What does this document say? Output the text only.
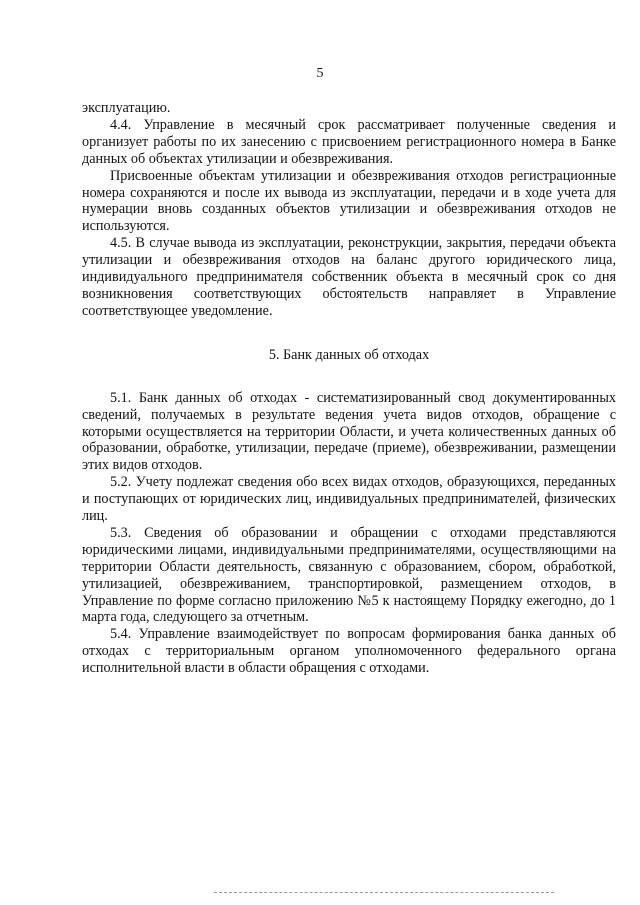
5

эксплуатацию.

4.4. Управление в месячный срок рассматривает полученные сведения и организует работы по их занесению с присвоением регистрационного номера в Банке данных об объектах утилизации и обезвреживания.

Присвоенные объектам утилизации и обезвреживания отходов регистрационные номера сохраняются и после их вывода из эксплуатации, передачи и в ходе учета для нумерации вновь созданных объектов утилизации и обезвреживания отходов не используются.

4.5. В случае вывода из эксплуатации, реконструкции, закрытия, передачи объекта утилизации и обезвреживания отходов на баланс другого юридического лица, индивидуального предпринимателя собственник объекта в месячный срок со дня возникновения соответствующих обстоятельств направляет в Управление соответствующее уведомление.

5. Банк данных об отходах

5.1. Банк данных об отходах - систематизированный свод документированных сведений, получаемых в результате ведения учета видов отходов, обращение с которыми осуществляется на территории Области, и учета количественных данных об образовании, обработке, утилизации, передаче (приеме), обезвреживании, размещении этих видов отходов.

5.2. Учету подлежат сведения обо всех видах отходов, образующихся, переданных и поступающих от юридических лиц, индивидуальных предпринимателей, физических лиц.

5.3. Сведения об образовании и обращении с отходами представляются юридическими лицами, индивидуальными предпринимателями, осуществляющими на территории Области деятельность, связанную с образованием, сбором, обработкой, утилизацией, обезвреживанием, транспортировкой, размещением отходов, в Управление по форме согласно приложению №5 к настоящему Порядку ежегодно, до 1 марта года, следующего за отчетным.

5.4. Управление взаимодействует по вопросам формирования банка данных об отходах с территориальным органом уполномоченного федерального органа исполнительной власти в области обращения с отходами.
